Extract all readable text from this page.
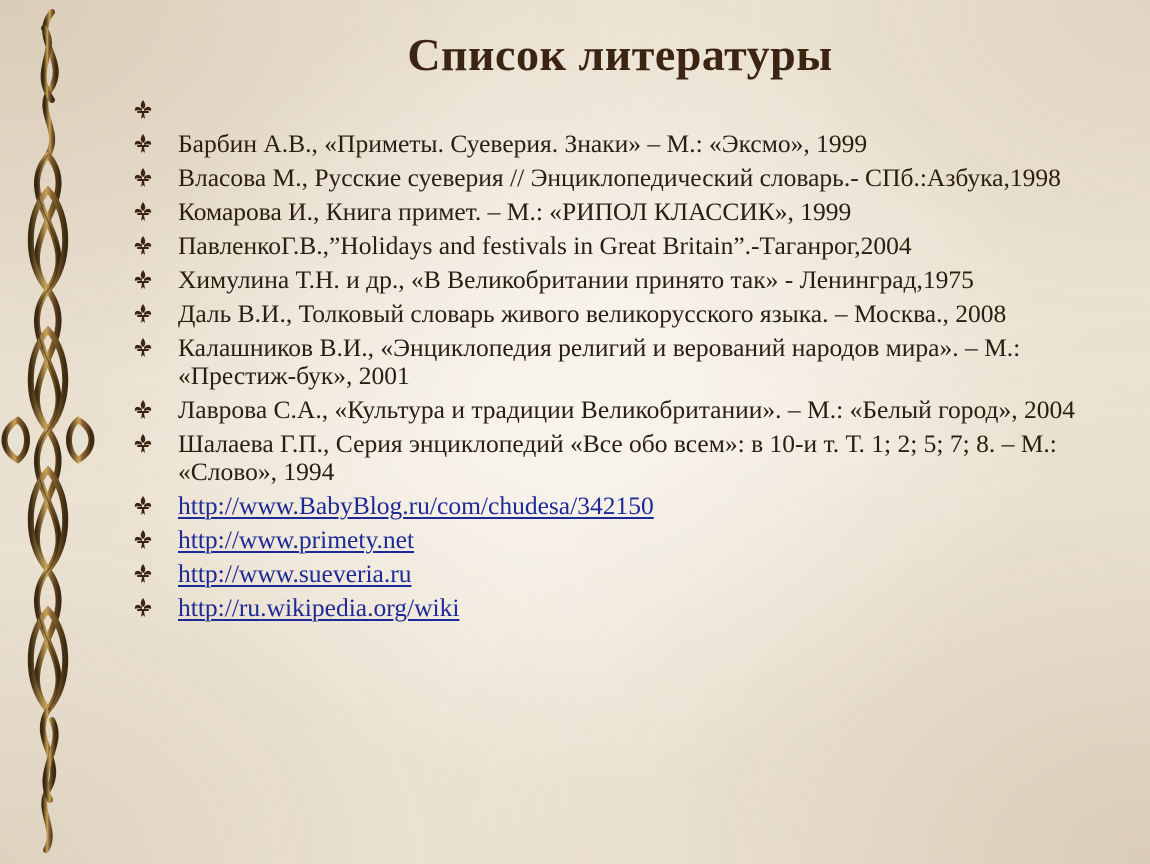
Список литературы
Барбин А.В., «Приметы. Суеверия. Знаки» – М.: «Эксмо», 1999
Власова М., Русские суеверия // Энциклопедический словарь.- СПб.:Азбука,1998
Комарова И., Книга примет. – М.: «РИПОЛ КЛАССИК», 1999
ПавленкоГ.В.,”Holidays and festivals in Great Britain”.-Таганрог,2004
Химулина Т.Н. и др., «В Великобритании принято так» - Ленинград,1975
Даль В.И., Толковый словарь живого великорусского языка. – Москва., 2008
Калашников В.И., «Энциклопедия религий и верований народов мира». – М.: «Престиж-бук», 2001
Лаврова С.А., «Культура и традиции Великобритании». – М.: «Белый город», 2004
Шалаева Г.П., Серия энциклопедий «Все обо всем»: в 10-и т. Т. 1; 2; 5; 7; 8. – М.: «Слово», 1994
http://www.BabyBlog.ru/com/chudesa/342150
http://www.primety.net
http://www.sueveria.ru
http://ru.wikipedia.org/wiki
